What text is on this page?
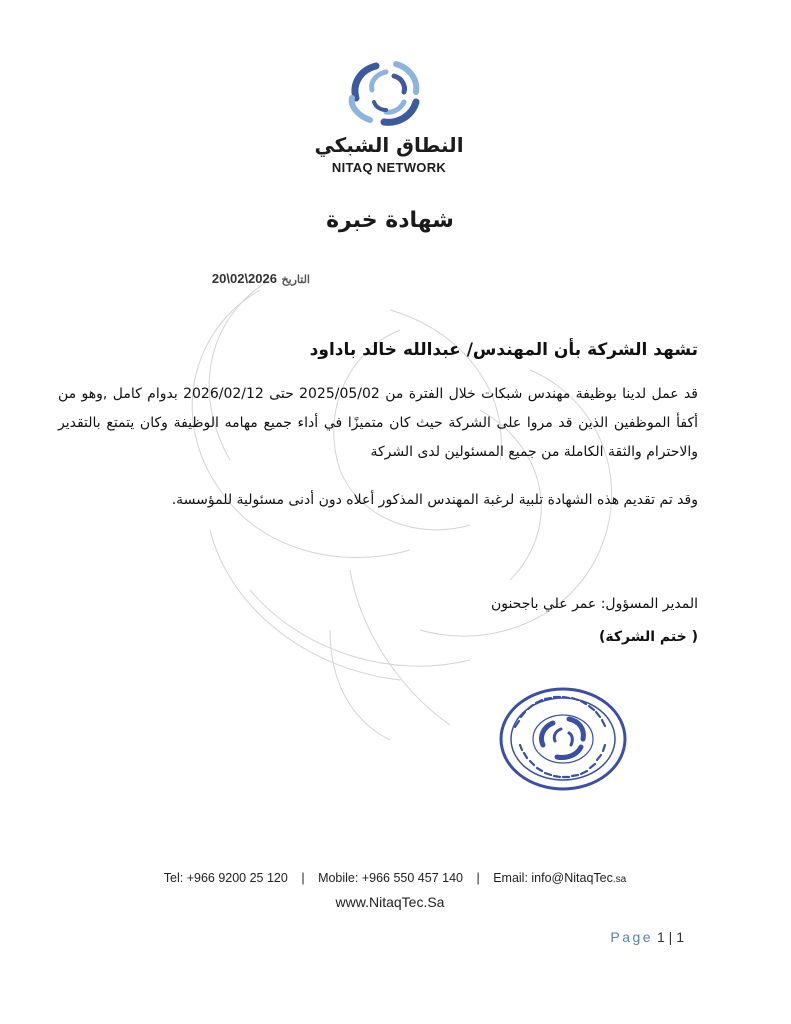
النطاق الشبكي
NITAQ NETWORK
شهادة خبرة
التاريخ 20\02\2026
تشهد الشركة بأن المهندس/ عبدالله خالد باداود

قد عمل لدينا بوظيفة مهندس شبكات خلال الفترة من 2025/05/02 حتى 2026/02/12 بدوام كامل ,وهو من أكفأ الموظفين الذين قد مروا على الشركة حيث كان متميزًا في أداء جميع مهامه الوظيفة وكان يتمتع بالتقدير والاحترام والثقة الكاملة من جميع المسئولين لدى الشركة

وقد تم تقديم هذه الشهادة تلبية لرغبة المهندس المذكور أعلاه دون أدنى مسئولية للمؤسسة.

المدير المسؤول: عمر علي باجحنون
( ختم الشركة)
Tel: +966 9200 25 120 | Mobile: +966 550 457 140 | Email: info@NitaqTec.sa
www.NitaqTec.Sa
Page 1 | 1
